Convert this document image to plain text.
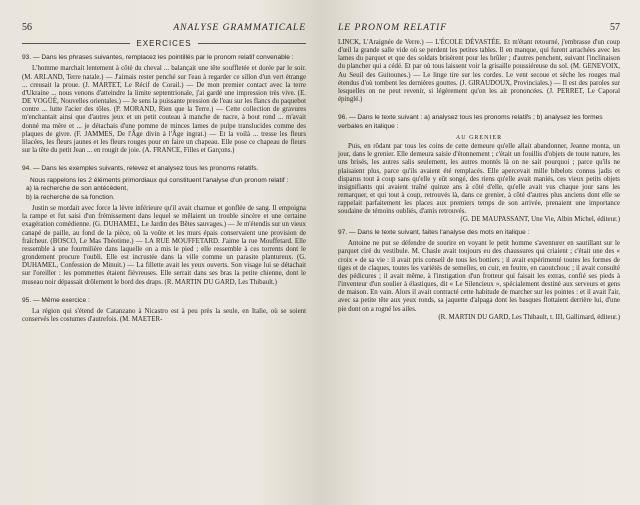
56	ANALYSE GRAMMATICALE
EXERCICES
93. — Dans les phrases suivantes, remplacez les pointillés par le pronom relatif convenable :

L'homme marchait lentement à côté du cheval ... balançait une tête souffletée et dorée par le soir. (M. ARLAND, Terre natale.) — J'aimais rester penché sur l'eau à regarder ce sillon d'un vert étrange ... creusait la proue. (J. MARTET, Le Récif de Corail.) — De mon premier contact avec la terre d'Ukraine ... nous venons d'atteindre la limite septentrionale, j'ai gardé une impression très vive. (E. DE VOGÜÉ, Nouvelles orientales.) — Je sens la puissante pression de l'eau sur les flancs du paquebot contre ... lutte l'acier des tôles. (P. MORAND, Rien que la Terre.) — Cette collection de gravures m'enchantait ainsi que d'autres jeux et un petit couteau à manche de nacre, à bout rond ... m'avait donné ma mère et ... je détachais d'une pomme de minces lames de pulpe translucides comme des plaques de givre. (F. JAMMES, De l'Âge divin à l'Âge ingrat.) — Et la voilà ... tresse les fleurs lilacées, les fleurs jaunes et les fleurs rouges pour en faire un chapeau. Elle pose ce chapeau de fleurs sur la tête du petit Jean ... en rougit de joie. (A. FRANCE, Filles et Garçons.)

94. — Dans les exemples suivants, relevez et analysez tous les pronoms relatifs.
Nous rappelons les 2 éléments primordiaux qui constituent l'analyse d'un pronom relatif :
a) la recherche de son antécédent,
b) la recherche de sa fonction.

Justin se mordait avec force la lèvre inférieure qu'il avait charnue et gonflée de sang. Il empoigna la rampe et fut saisi d'un frémissement dans lequel se mêlaient un trouble sincère et une certaine exagération comédienne. (G. DUHAMEL, Le Jardin des Bêtes sauvages.) — Je m'étendis sur un vieux canapé de paille, au fond de la pièce, où la voûte et les murs épais conservaient une provision de fraîcheur. (BOSCO, Le Mas Théotime.) — LA RUE MOUFFETARD. J'aime la rue Mouffetard. Elle ressemble à une fourmilière dans laquelle on a mis le pied ; elle ressemble à ces torrents dont le grondement procure l'oubli. Elle est incrustée dans la ville comme un parasite plantureux. (G. DUHAMEL, Confession de Minuit.) — La fillette avait les yeux ouverts. Son visage lui se détachait sur l'oreiller : les pommettes étaient fiévreuses. Elle serrait dans ses bras la petite chienne, dont le museau noir dépassait drôlement le bord des draps. (R. MARTIN DU GARD, Les Thibault.)

95. — Même exercice :

La région qui s'étend de Catanzano à Nicastro est à peu près la seule, en Italie, où se soient conservés les costumes d'autrefois. (M. MAETER-

LE PRONOM RELATIF	57

LINCK, L'Araignée de Verre.) — L'ÉCOLE DÉVASTÉE. Et m'étant retourné, j'embrasse d'un coup d'œil la grande salle vide où se perdent les petites tables. Il en manque, qui furent arrachées avec les lames du parquet et que des soldats brisèrent pour les brûler ; d'autres penchent, suivant l'inclinaison du plancher qui a cédé. Et par où tous laissent voir la grisaille poussiéreuse du sol. (M. GENEVOIX, Au Seuil des Guitounes.) — Le linge tire sur les cordes. Le vent secoue et sèche les rouges mal étendus d'où tombent les dernières gouttes. (J. GIRAUDOUX, Provinciales.) — Il est des paroles sur lesquelles on ne peut revenir, si légèrement qu'on les ait prononcées. (J. PERRET, Le Caporal épinglé.)

96. — Dans le texte suivant : a) analysez tous les pronoms relatifs ; b) analysez les formes verbales en italique :
AU GRENIER

Puis, en rôdant par tous les coins de cette demeure qu'elle allait abandonner, Jeanne monta, un jour, dans le grenier. Elle demeura saisie d'étonnement ; c'était un fouillis d'objets de toute nature, les uns brisés, les autres salis seulement, les autres montés là on ne sait pourquoi ; parce qu'ils ne plaisaient plus, parce qu'ils avaient été remplacés. Elle apercevait mille bibelots connus jadis et disparus tout à coup sans qu'elle y eût songé, des riens qu'elle avait maniés, ces vieux petits objets insignifiants qui avaient traîné quinze ans à côté d'elle, qu'elle avait vus chaque jour sans les remarquer, et qui tout à coup, retrouvés là, dans ce grenier, à côté d'autres plus anciens dont elle se rappelait parfaitement les places aux premiers temps de son arrivée, prenaient une importance soudaine de témoins oubliés, d'amis retrouvés.

(G. DE MAUPASSANT, Une Vie, Albin Michel, éditeur.)
97. — Dans le texte suivant, faites l'analyse des mots en italique :

Antoine ne put se défendre de sourire en voyant le petit homme s'aventurer en sautillant sur le parquet ciré du vestibule. M. Chasle avait toujours eu des chaussures qui criaient ; c'était une des « croix » de sa vie : il avait pris conseil de tous les bottiers ; il avait expérimenté toutes les formes de tiges et de claques, toutes les variétés de semelles, en cuir, en feutre, en caoutchouc ; il avait consulté des pédicures ; il avait même, à l'instigation d'un frotteur qui faisait les extras, confié ses pieds à l'inventeur d'un soulier à élastiques, dit « Le Silencieux », spécialement destiné aux serveurs et gens de maison. En vain. Alors il avait contracté cette habitude de marcher sur les pointes : et il avait l'air, avec sa petite tête aux yeux ronds, sa jaquette d'alpaga dont les basques flottaient derrière lui, d'une pie dont on a rogné les ailes.

(R. MARTIN DU GARD, Les Thibault, t. III, Gallimard, éditeur.)
